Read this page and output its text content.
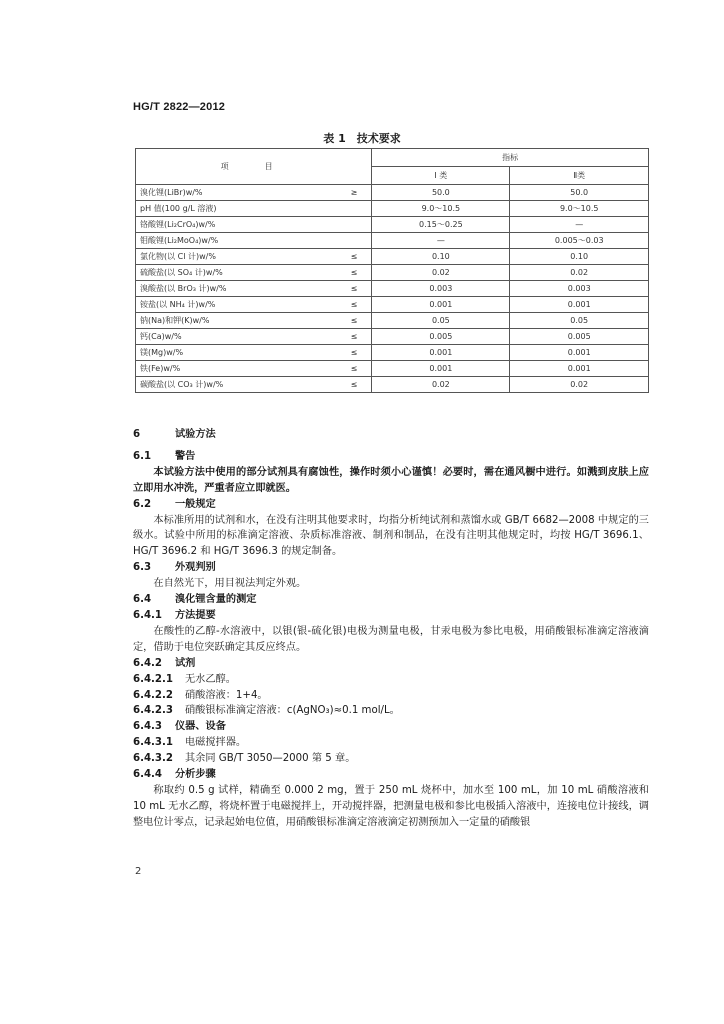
HG/T 2822—2012
表 1　技术要求
项　目		指标	
		I 类	Ⅱ类
溴化锂(LiBr)w/%	≥	50.0	50.0
pH 值(100 g/L 溶液)		9.0～10.5	9.0～10.5
铬酸锂(Li₂CrO₄)w/%		0.15～0.25	—
钼酸锂(Li₂MoO₄)w/%		—	0.005～0.03
氯化物(以 Cl 计)w/%	≤	0.10	0.10
硫酸盐(以 SO₄ 计)w/%	≤	0.02	0.02
溴酸盐(以 BrO₃ 计)w/%	≤	0.003	0.003
铵盐(以 NH₄ 计)w/%	≤	0.001	0.001
钠(Na)和钾(K)w/%	≤	0.05	0.05
钙(Ca)w/%	≤	0.005	0.005
镁(Mg)w/%	≤	0.001	0.001
铁(Fe)w/%	≤	0.001	0.001
碳酸盐(以 CO₃ 计)w/%	≤	0.02	0.02

6	试验方法

6.1 警告

本试验方法中使用的部分试剂具有腐蚀性，操作时须小心谨慎！必要时，需在通风橱中进行。如溅到皮肤上应立即用水冲洗，严重者应立即就医。

6.2 一般规定

本标准所用的试剂和水，在没有注明其他要求时，均指分析纯试剂和蒸馏水或 GB/T 6682—2008 中规定的三级水。试验中所用的标准滴定溶液、杂质标准溶液、制剂和制品，在没有注明其他规定时，均按 HG/T 3696.1、HG/T 3696.2 和 HG/T 3696.3 的规定制备。

6.3 外观判别

在自然光下，用目视法判定外观。

6.4 溴化锂含量的测定

6.4.1 方法提要

在酸性的乙醇-水溶液中，以银(银-硫化银)电极为测量电极，甘汞电极为参比电极，用硝酸银标准滴定溶液滴定，借助于电位突跃确定其反应终点。

6.4.2 试剂

6.4.2.1 无水乙醇。

6.4.2.2 硝酸溶液：1+4。

6.4.2.3 硝酸银标准滴定溶液：c(AgNO₃)≈0.1 mol/L。

6.4.3 仪器、设备

6.4.3.1 电磁搅拌器。

6.4.3.2 其余同 GB/T 3050—2000 第 5 章。

6.4.4 分析步骤

称取约 0.5 g 试样，精确至 0.000 2 mg，置于 250 mL 烧杯中，加水至 100 mL，加 10 mL 硝酸溶液和 10 mL 无水乙醇，将烧杯置于电磁搅拌上，开动搅拌器，把测量电极和参比电极插入溶液中，连接电位计接线，调整电位计零点，记录起始电位值，用硝酸银标准滴定溶液滴定初测预加入一定量的硝酸银

2
